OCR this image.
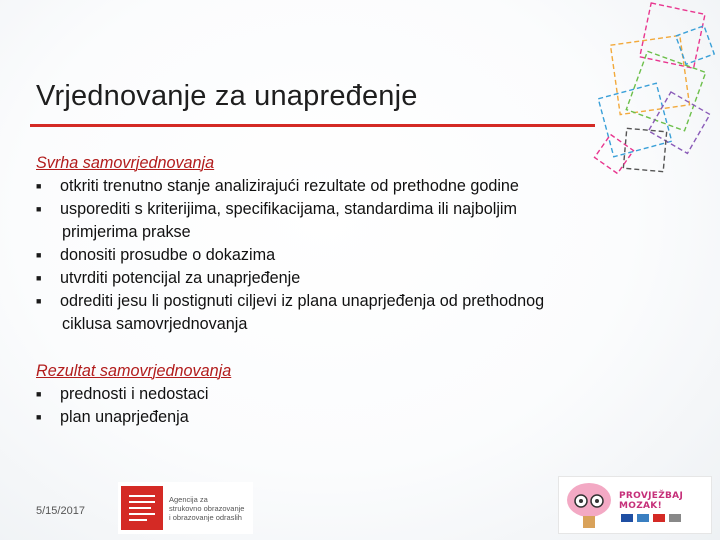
Vrjednovanje za unapređenje
Svrha samovrjednovanja
■	otkriti trenutno stanje analizirajući rezultate od prethodne godine
■	usporediti s kriterijima, specifikacijama, standardima ili najboljim
primjerima prakse
■	donositi prosudbe o dokazima
■	utvrditi potencijal za unaprjeđenje
■	odrediti jesu li postignuti ciljevi iz plana unaprjeđenja od prethodnog
ciklusa samovrjednovanja
Rezultat samovrjednovanja
■	prednosti i nedostaci
■	plan unaprjeđenja
5/15/2017
Agencija za
strukovno obrazovanje
i obrazovanje odraslih
PROVJEŽBAJ MOZAK!
